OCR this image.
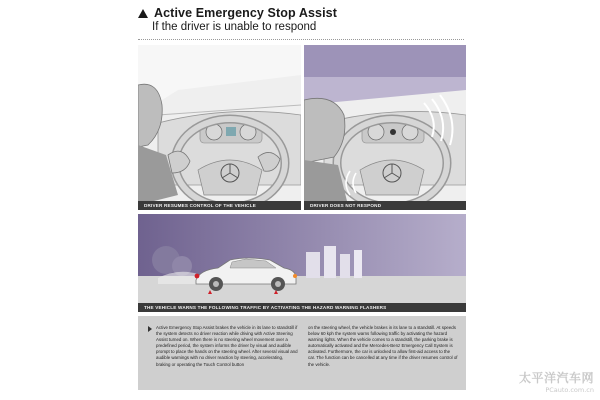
Active Emergency Stop Assist
If the driver is unable to respond
DRIVER RESUMES CONTROL OF THE VEHICLE	DRIVER DOES NOT RESPOND
THE VEHICLE WARNS THE FOLLOWING TRAFFIC BY ACTIVATING THE HAZARD WARNING FLASHERS
Active Emergency Stop Assist brakes the vehicle in its lane to standstill if the system detects no driver reaction while driving with Active Steering Assist turned on. When there is no steering wheel movement over a predefined period, the system informs the driver by visual and audible prompt to place the hands on the steering wheel. After several visual and audible warnings with no driver reaction by steering, accelerating, braking or operating the Touch Control button
on the steering wheel, the vehicle brakes in its lane to a standstill. At speeds below 60 kph the system warns following traffic by activating the hazard warning lights. When the vehicle comes to a standstill, the parking brake is automatically activated and the Mercedes-Benz Emergency Call System is activated. Furthermore, the car is unlocked to allow first-aid access to the car. The function can be cancelled at any time if the driver resumes control of the vehicle.
太平洋汽车网
PCauto.com.cn
